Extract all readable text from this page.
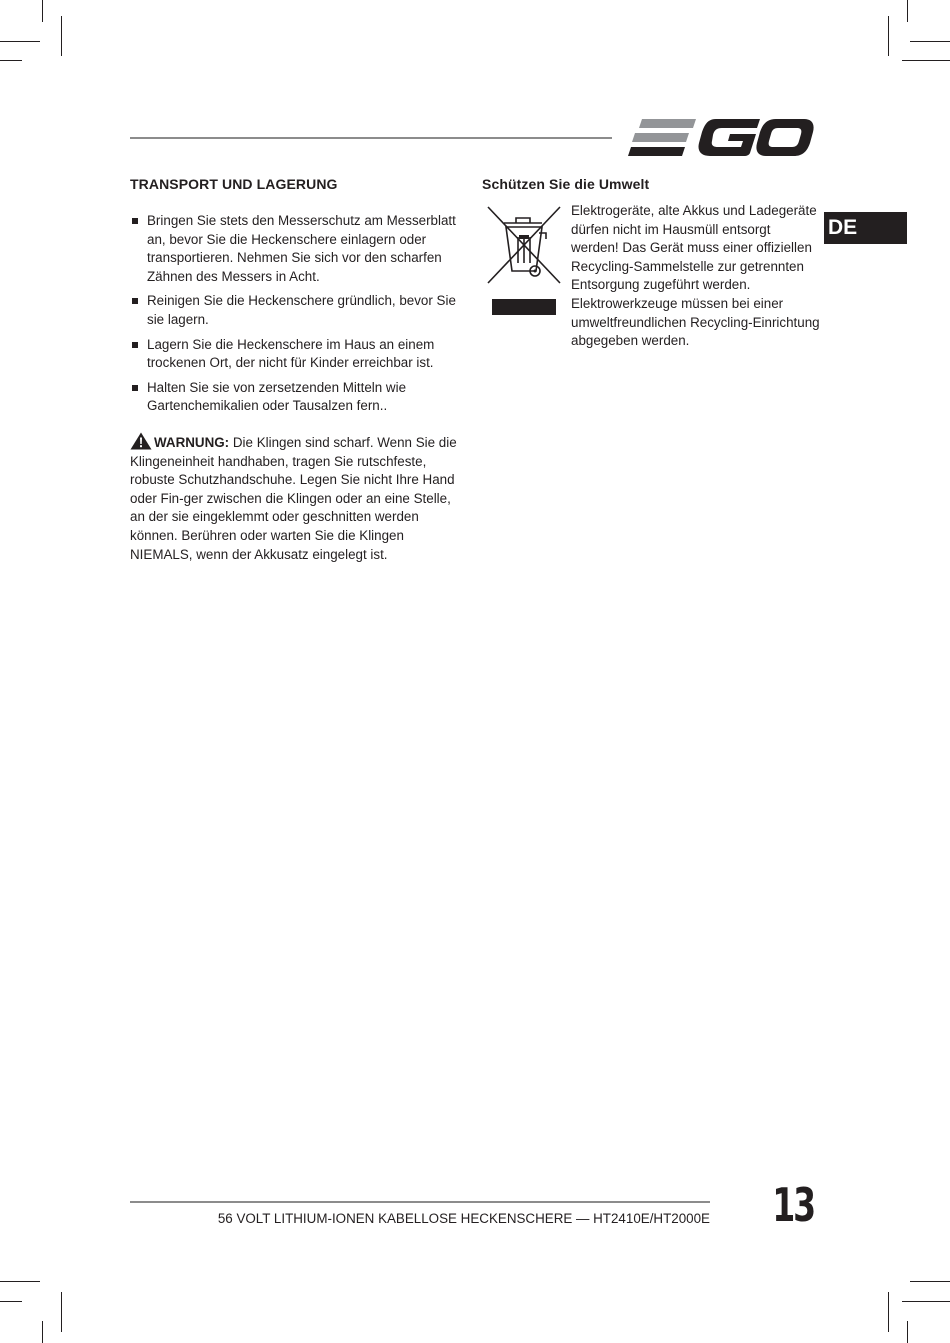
DE
TRANSPORT UND LAGERUNG
Bringen Sie stets den Messerschutz am Messerblatt an, bevor Sie die Heckenschere einlagern oder transportieren. Nehmen Sie sich vor den scharfen Zähnen des Messers in Acht.
Reinigen Sie die Heckenschere gründlich, bevor Sie sie lagern.
Lagern Sie die Heckenschere im Haus an einem trockenen Ort, der nicht für Kinder erreichbar ist.
Halten Sie sie von zersetzenden Mitteln wie Gartenchemikalien oder Tausalzen fern..
WARNUNG: Die Klingen sind scharf. Wenn Sie die Klingeneinheit handhaben, tragen Sie rutschfeste, robuste Schutzhandschuhe. Legen Sie nicht Ihre Hand oder Fin-ger zwischen die Klingen oder an eine Stelle, an der sie eingeklemmt oder geschnitten werden können. Berühren oder warten Sie die Klingen NIEMALS, wenn der Akkusatz eingelegt ist.
Schützen Sie die Umwelt
Elektrogeräte, alte Akkus und Ladegeräte dürfen nicht im Hausmüll entsorgt werden! Das Gerät muss einer offiziellen Recycling-Sammelstelle zur getrennten Entsorgung zugeführt werden. Elektrowerkzeuge müssen bei einer umweltfreundlichen Recycling-Einrichtung abgegeben werden.
56 VOLT LITHIUM-IONEN KABELLOSE HECKENSCHERE — HT2410E/HT2000E 13
